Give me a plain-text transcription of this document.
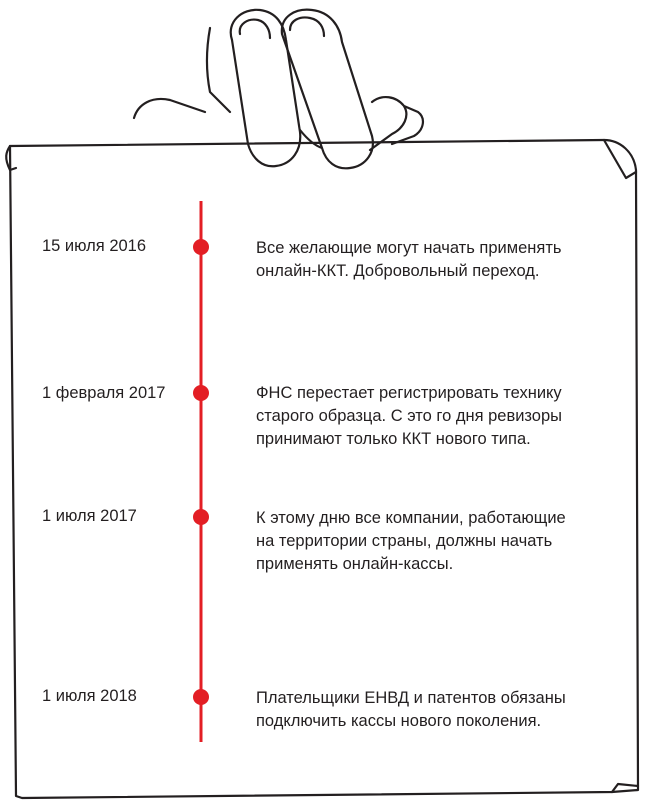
15 июля 2016	Все желающие могут начать применять
онлайн-ККТ. Добровольный переход.
1 февраля 2017	ФНС перестает регистрировать технику
старого образца. С это го дня ревизоры
принимают только ККТ нового типа.
1 июля 2017	К этому дню все компании, работающие
на территории страны, должны начать
применять онлайн-кассы.
1 июля 2018	Плательщики ЕНВД и патентов обязаны
подключить кассы нового поколения.
